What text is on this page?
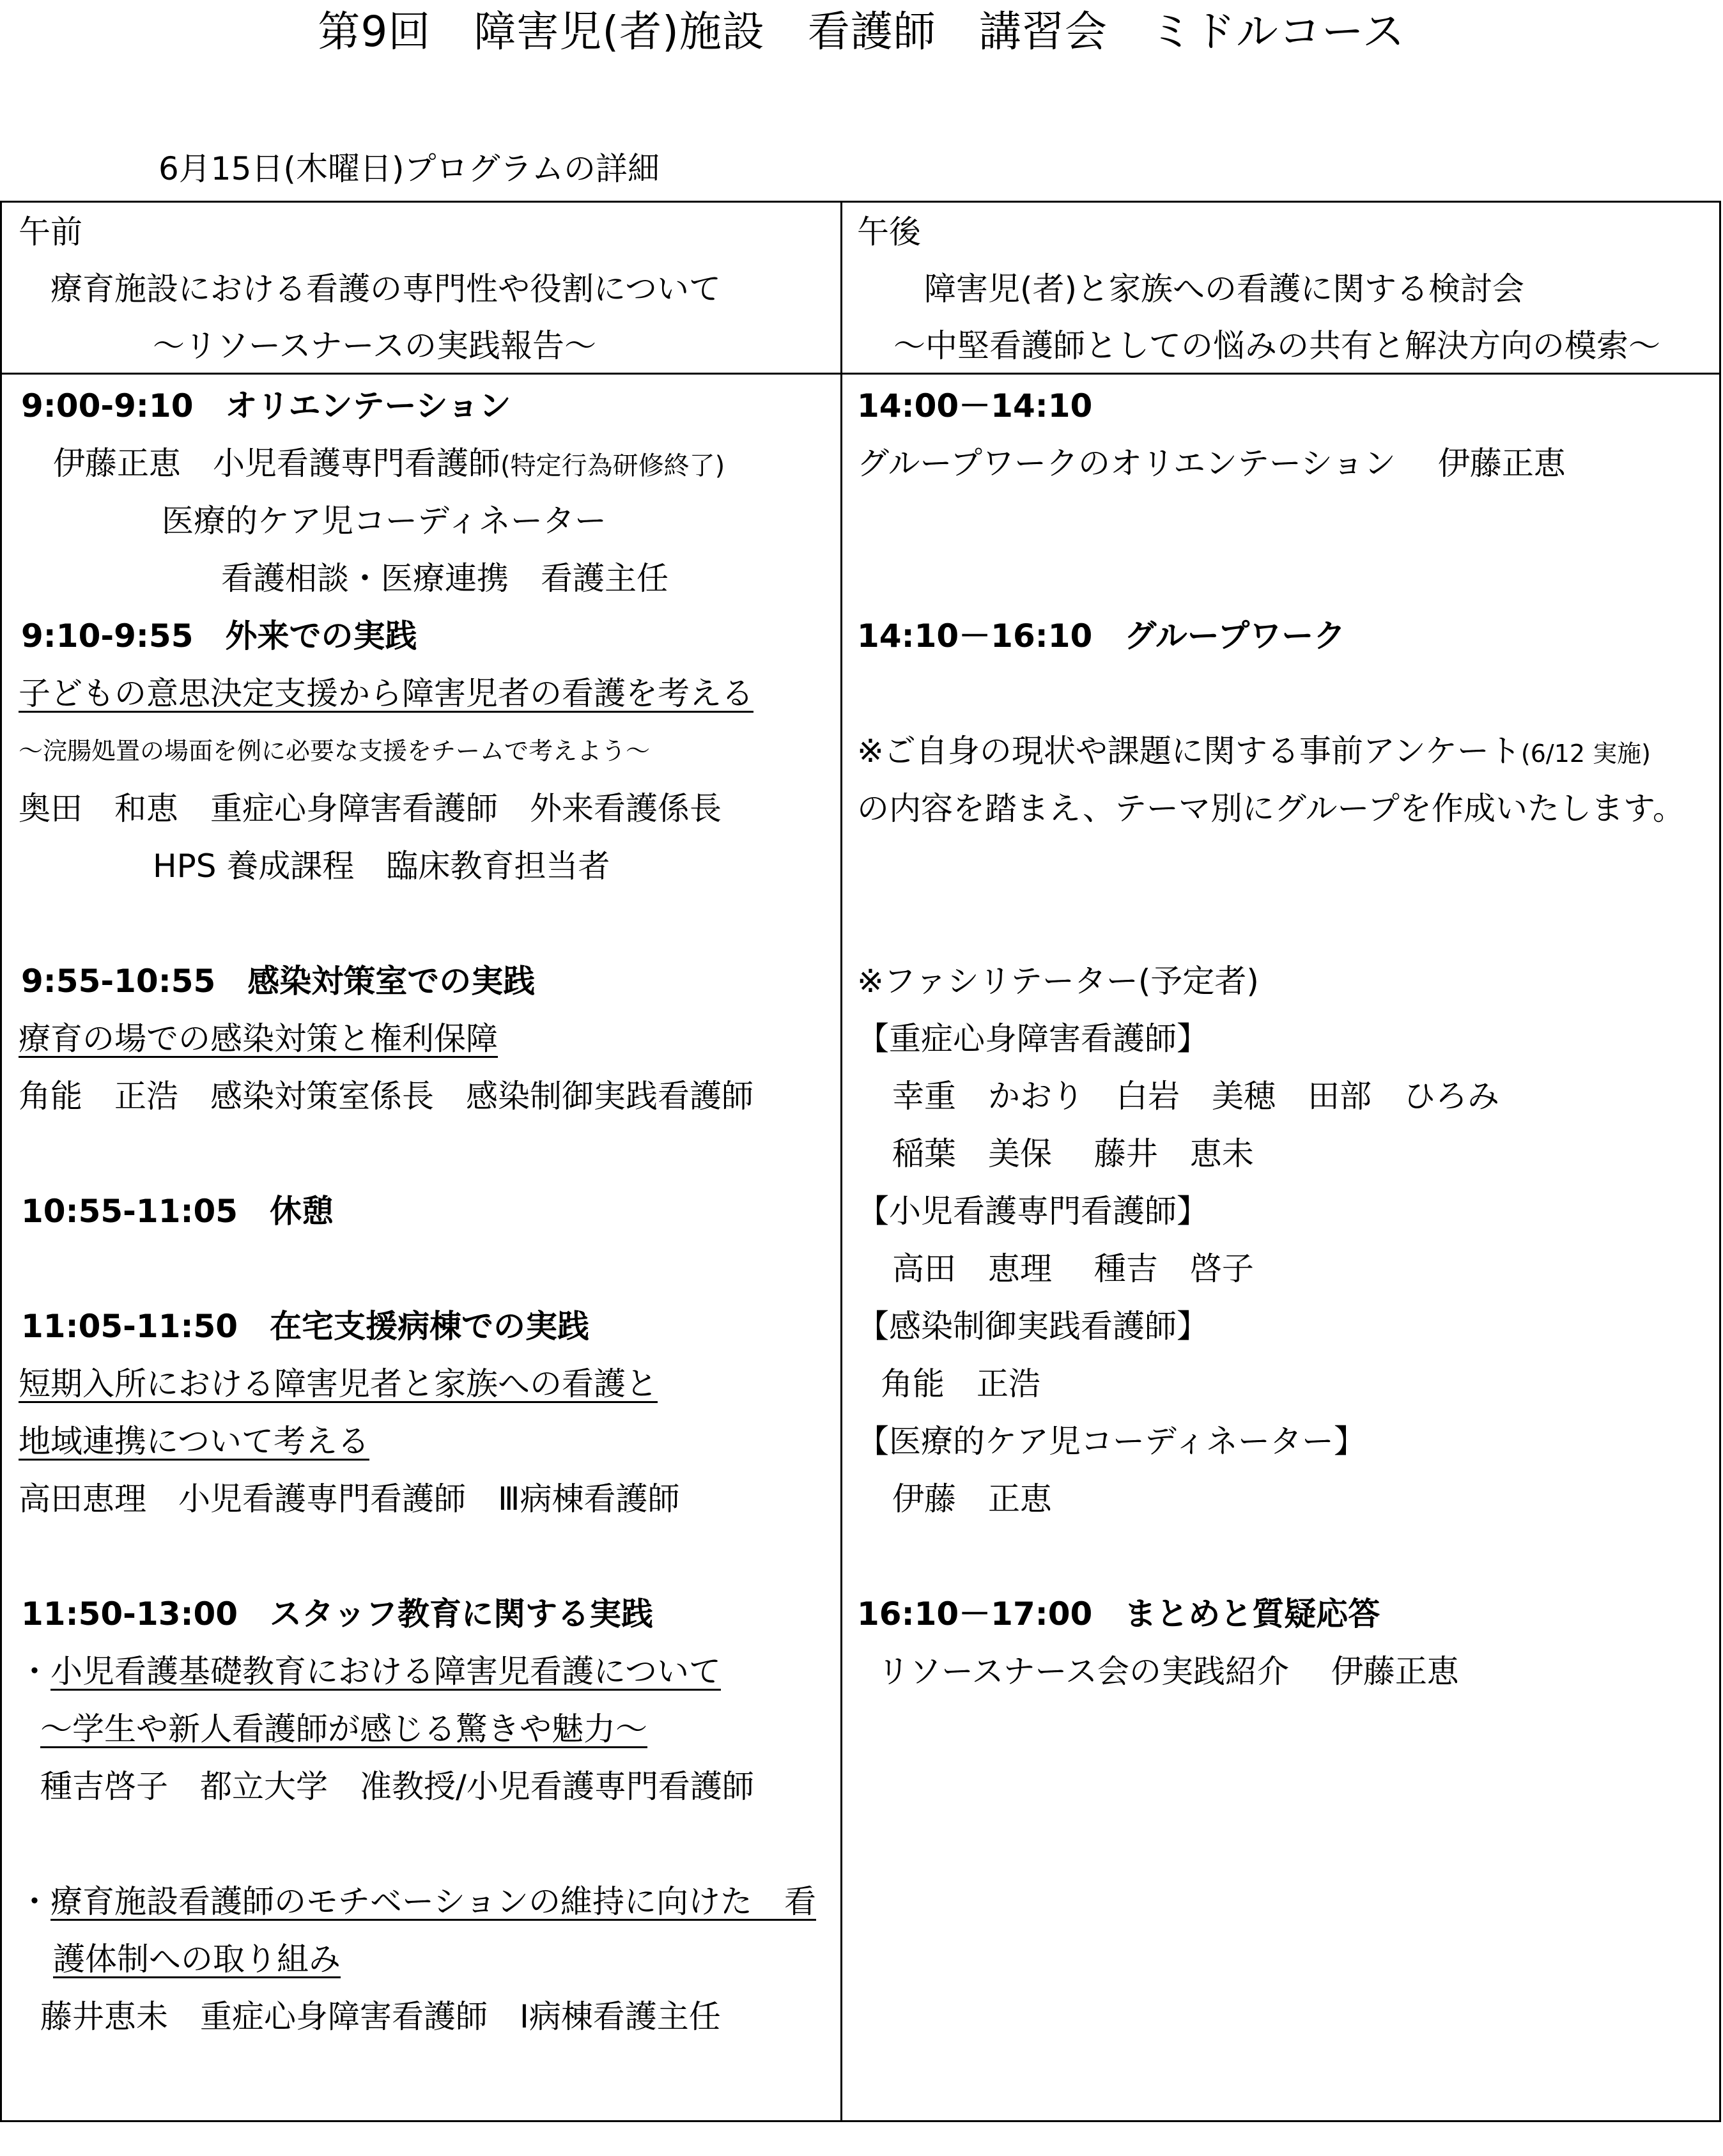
第9回　障害児(者)施設　看護師　講習会　ミドルコース
6月15日(木曜日)プログラムの詳細
午前
療育施設における看護の専門性や役割について
～リソースナースの実践報告～
9:00-9:10　オリエンテーション
伊藤正恵　小児看護専門看護師(特定行為研修終了)
医療的ケア児コーディネーター
看護相談・医療連携　看護主任
9:10-9:55　外来での実践
子どもの意思決定支援から障害児者の看護を考える
～浣腸処置の場面を例に必要な支援をチームで考えよう～
奥田　和恵　重症心身障害看護師　外来看護係長
HPS 養成課程　臨床教育担当者
9:55-10:55　感染対策室での実践
療育の場での感染対策と権利保障
角能　正浩　感染対策室係長　感染制御実践看護師
10:55-11:05　休憩
11:05-11:50　在宅支援病棟での実践
短期入所における障害児者と家族への看護と
地域連携について考える
高田恵理　小児看護専門看護師　Ⅲ病棟看護師
11:50-13:00　スタッフ教育に関する実践
・小児看護基礎教育における障害児看護について
～学生や新人看護師が感じる驚きや魅力～
種吉啓子　都立大学　准教授/小児看護専門看護師
・療育施設看護師のモチベーションの維持に向けた　看
護体制への取り組み
藤井恵未　重症心身障害看護師　Ⅰ病棟看護主任
午後
障害児(者)と家族への看護に関する検討会
～中堅看護師としての悩みの共有と解決方向の模索～
14:00－14:10
グループワークのオリエンテーション　 伊藤正恵
14:10－16:10　グループワーク
※ご自身の現状や課題に関する事前アンケート(6/12 実施)
の内容を踏まえ、テーマ別にグループを作成いたします。
※ファシリテーター(予定者)
【重症心身障害看護師】
幸重　かおり　白岩　美穂　田部　ひろみ
稲葉　美保　 藤井　恵未
【小児看護専門看護師】
高田　恵理　 種吉　啓子
【感染制御実践看護師】
角能　正浩
【医療的ケア児コーディネーター】
伊藤　正恵
16:10－17:00　まとめと質疑応答
リソースナース会の実践紹介　 伊藤正恵
